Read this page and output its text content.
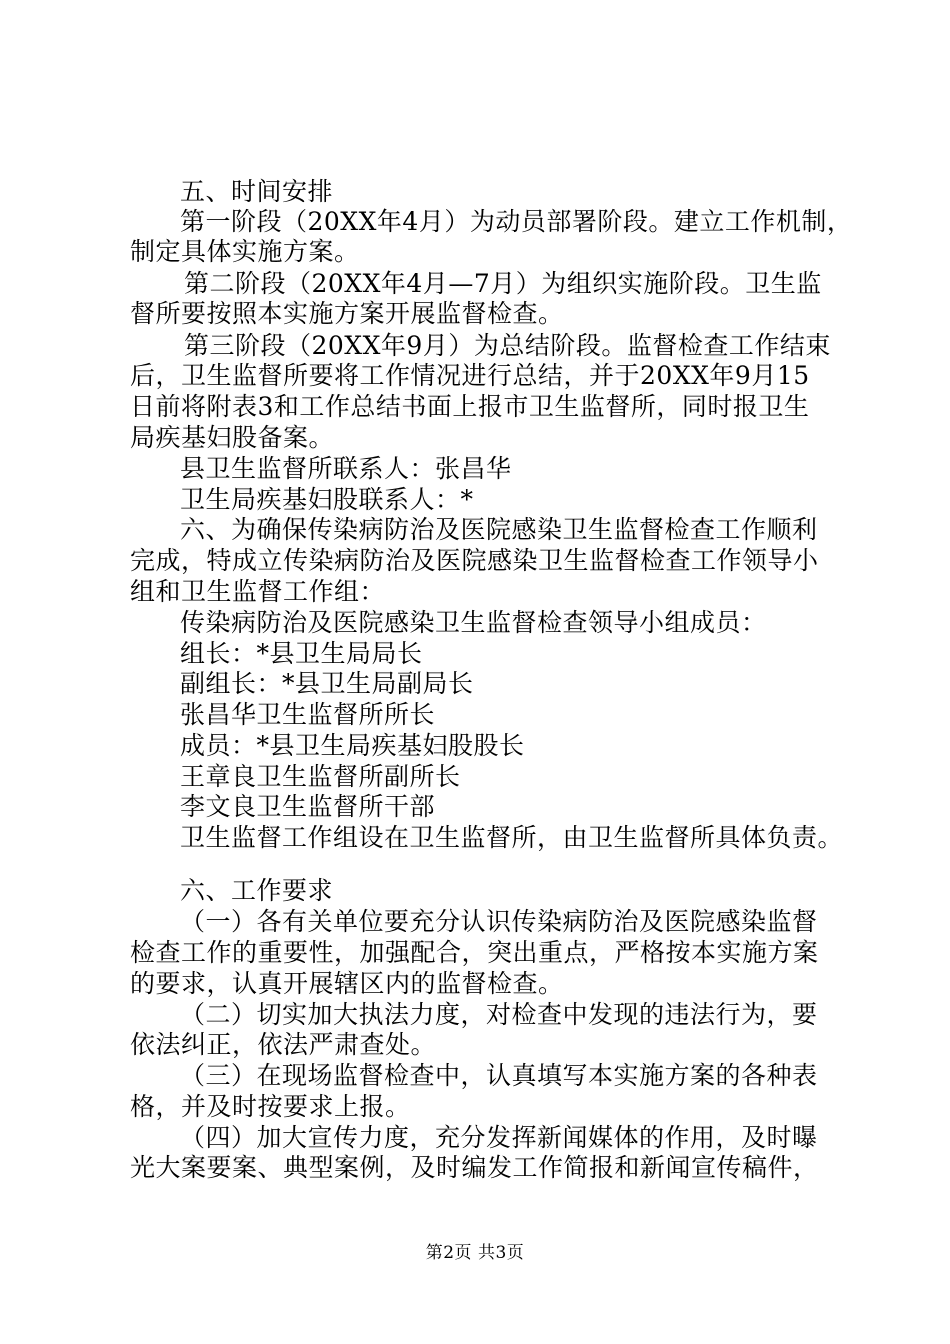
五、时间安排
第一阶段（20XX年4月）为动员部署阶段。建立工作机制，
制定具体实施方案。
第二阶段（20XX年4月—7月）为组织实施阶段。卫生监
督所要按照本实施方案开展监督检查。
第三阶段（20XX年9月）为总结阶段。监督检查工作结束
后，卫生监督所要将工作情况进行总结，并于20XX年9月15
日前将附表3和工作总结书面上报市卫生监督所，同时报卫生
局疾基妇股备案。
县卫生监督所联系人：张昌华
卫生局疾基妇股联系人：*
六、为确保传染病防治及医院感染卫生监督检查工作顺利
完成，特成立传染病防治及医院感染卫生监督检查工作领导小
组和卫生监督工作组：
传染病防治及医院感染卫生监督检查领导小组成员：
组长：*县卫生局局长
副组长：*县卫生局副局长
张昌华卫生监督所所长
成员：*县卫生局疾基妇股股长
王章良卫生监督所副所长
李文良卫生监督所干部
卫生监督工作组设在卫生监督所，由卫生监督所具体负责。
六、工作要求
（一）各有关单位要充分认识传染病防治及医院感染监督
检查工作的重要性，加强配合，突出重点，严格按本实施方案
的要求，认真开展辖区内的监督检查。
（二）切实加大执法力度，对检查中发现的违法行为，要
依法纠正，依法严肃查处。
（三）在现场监督检查中，认真填写本实施方案的各种表
格，并及时按要求上报。
（四）加大宣传力度，充分发挥新闻媒体的作用，及时曝
光大案要案、典型案例，及时编发工作简报和新闻宣传稿件，
第2页 共3页
